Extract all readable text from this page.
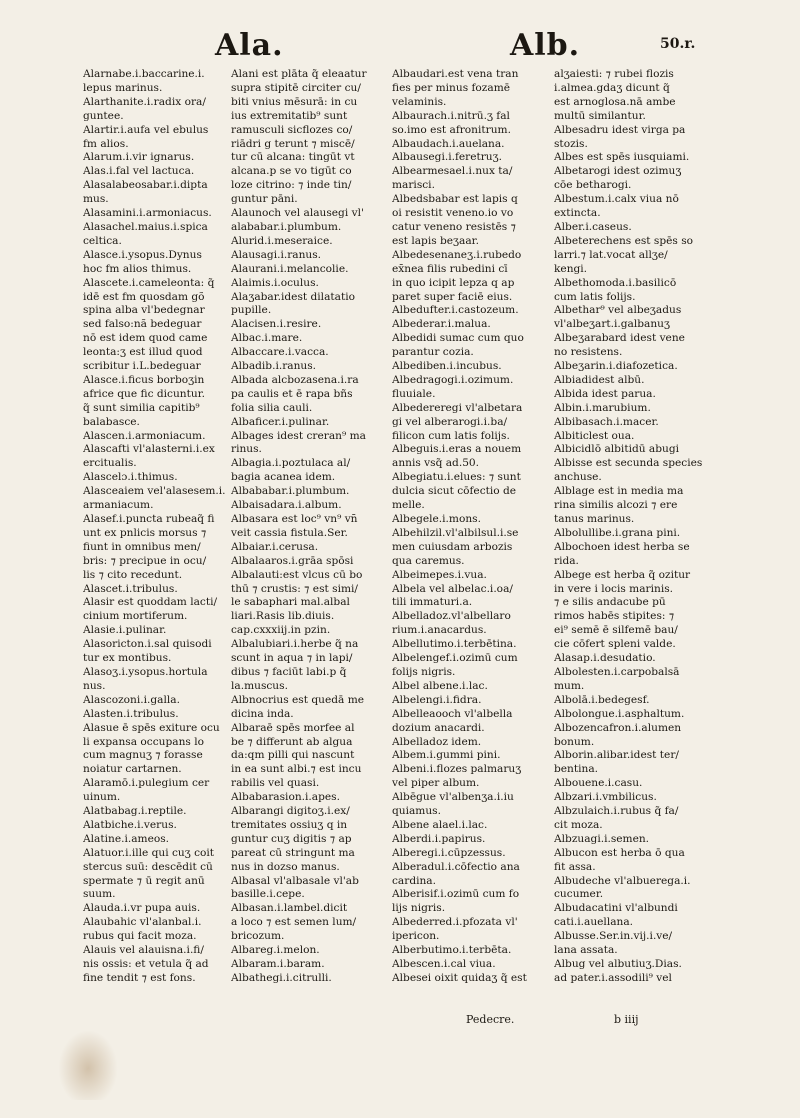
Ala.	Alb.	50.r.
Alarnabe.i.baccarine.i.
lepus marinus.
Alarthanite.i.radix ora/
guntee.
Alartir.i.aufa vel ebulus
fm alios.
Alarum.i.vir ignarus.
Alas.i.fal vel lactuca.
Alasalabeosabar.i.dipta
mus.
Alasamini.i.armoniacus.
Alasachel.maius.i.spica
celtica.
Alasce.i.ysopus.Dynus
hoc fm alios thimus.
Alascete.i.cameleonta: q̃
idē est fm quosdam gõ
spina alba vl'bedegnar
sed falso:nã bedeguar
nō est idem quod came
leonta:ʒ est illud quod
scribitur i.L.bedeguar
Alasce.i.ficus borboʒin
africe que fic dicuntur.
q̃ sunt similia capitib⁹
balabasce.
Alascen.i.armoniacum.
Alascafti vl'alasterni.i.ex
ercitualis.
Alascelɔ.i.thimus.
Alasceaiem vel'alasesem.i.
armaniacum.
Alasef.i.puncta rubeaq̃ fi
unt ex pnlicis morsus ⁊
fiunt in omnibus men/
bris: ⁊ precipue in ocu/
lis ⁊ cito recedunt.
Alascet.i.tribulus.
Alasir est quoddam lacti/
cinium mortiferum.
Alasie.i.pulinar.
Alasoricton.i.sal quisodi
tur ex montibus.
Alasoʒ.i.ysopus.hortula
nus.
Alascozoni.i.galla.
Alasten.i.tribulus.
Alasue ē spēs exiture ocu
li expansa occupans lo
cum magnuʒ ⁊ forasse
noiatur cartarnen.
Alaramō.i.pulegium cer
uinum.
Alatbabag.i.reptile.
Alatbiche.i.verus.
Alatine.i.ameos.
Alatuor.i.ille qui cuʒ coit
stercus suū: descēdit cū
spermate ⁊ ū regit anū
suum.
Alauda.i.vr pupa auis.
Alaubahic vl'alanbal.i.
rubus qui facit moza.
Alauis vel alauisna.i.fi/
nis ossis: et vetula q̃ ad
fine tendit ⁊ est fons.
Alani est plāta q̃ eleaatur
supra stipitē circiter cu/
biti vnius mēsurā: in cu
ius extremitatib⁹ sunt
ramusculi sicflozes co/
riādri g terunt ⁊ miscē/
tur cū alcana: tingūt vt
alcana.p se vo tigūt co
loze citrino: ⁊ inde tin/
guntur pāni.
Alaunoch vel alausegi vl'
alababar.i.plumbum.
Alurid.i.meseraice.
Alausagi.i.ranus.
Alaurani.i.melancolie.
Alaimis.i.oculus.
Alaʒabar.idest dilatatio
pupille.
Alacisen.i.resire.
Albac.i.mare.
Albaccare.i.vacca.
Albadib.i.ranus.
Albada alcbozasena.i.ra
pa caulis et ē rapa bñs
folia silia cauli.
Albaficer.i.pulinar.
Albages idest creran⁹ ma
rinus.
Albagia.i.poztulaca al/
bagia acanea idem.
Albababar.i.plumbum.
Albaisadara.i.album.
Albasara est loc⁹ vn⁹ vn̄
veit cassia fistula.Ser.
Albaiar.i.cerusa.
Albalaaros.i.grāa spōsi
Albalauti:est vlcus cū bo
thū ⁊ crustis: ⁊ est simi/
le sabaphari mal.albal
liari.Rasis lib.diuis.
cap.cxxxiij.in pzin.
Albalubiari.i.herbe q̃ na
scunt in aqua ⁊ in lapi/
dibus ⁊ faciūt labi.p q̃
la.muscus.
Albnocrius est quedā me
dicina inda.
Albaraē spēs morfee al
be ⁊ differunt ab algua
da:qm pilli qui nascunt
in ea sunt albi.⁊ est incu
rabilis vel quasi.
Albabarasion.i.apes.
Albarangi digitoʒ.i.ex/
tremitates ossiuʒ q in
guntur cuʒ digitis ⁊ ap
pareat cū stringunt ma
nus in dozso manus.
Albasal vl'albasale vl'ab
basille.i.cepe.
Albasan.i.lambel.dicit
a loco ⁊ est semen lum/
bricozum.
Albareg.i.melon.
Albaram.i.baram.
Albathegi.i.citrulli.
Albaudari.est vena tran
fies per minus fozamē
velaminis.
Albaurach.i.nitrū.ʒ fal
so.imo est afronitrum.
Albaudach.i.auelana.
Albausegi.i.feretruʒ.
Albearmesael.i.nux ta/
marisci.
Albedsbabar est lapis q
oi resistit veneno.io vo
catur veneno resistēs ⁊
est lapis beʒaar.
Albedesenaneʒ.i.rubedo
ex̄nea filis rubedini cī
in quo icipit lepza q ap
paret super faciē eius.
Albedufter.i.castozeum.
Albederar.i.malua.
Albedidi sumac cum quo
parantur cozia.
Albediben.i.incubus.
Albedragogi.i.ozimum.
fluuiale.
Albedereregi vl'albetara
gi vel alberarogi.i.ba/
filicon cum latis folijs.
Albeguis.i.eras a nouem
annis vsq̃ ad.50.
Albegiatu.i.elues: ⁊ sunt
dulcia sicut cōfectio de
melle.
Albegele.i.mons.
Albehilzil.vl'albilsul.i.se
men cuiusdam arbozis
qua caremus.
Albeimepes.i.vua.
Albela vel albelac.i.oa/
tili immaturi.a.
Albelladoz.vl'albellaro
rium.i.anacardus.
Albellutimo.i.terbētina.
Albelengef.i.ozimū cum
folijs nigris.
Albel albene.i.lac.
Albelengi.i.fidra.
Albelleaooch vl'albella
dozium anacardi.
Albelladoz idem.
Albem.i.gummi pini.
Albeni.i.flozes palmaruʒ
vel piper album.
Albēgue vl'albenʒa.i.iu
quiamus.
Albene alael.i.lac.
Alberdi.i.papirus.
Alberegi.i.cūpzessus.
Alberadul.i.cōfectio ana
cardina.
Alberisif.i.ozimū cum fo
lijs nigris.
Albederred.i.pfozata vl'
ipericon.
Alberbutimo.i.terbēta.
Albescen.i.cal viua.
Albesei oixit quidaʒ q̃ est
alʒaiesti: ⁊ rubei flozis
i.almea.gdaʒ dicunt q̃
est arnoglosa.nā ambe
multū similantur.
Albesadru idest virga pa
stozis.
Albes est spēs iusquiami.
Albetarogi idest ozimuʒ
cōe betharogi.
Albestum.i.calx viua nō
extincta.
Alber.i.caseus.
Albeterechens est spēs so
larri.⁊ lat.vocat allʒe/
kengi.
Albethomoda.i.basilicō
cum latis folijs.
Albethar⁹ vel albeʒadus
vl'albeʒart.i.galbanuʒ
Albeʒarabard idest vene
no resistens.
Albeʒarin.i.diafozetica.
Albiadidest albū.
Albida idest parua.
Albin.i.marubium.
Albibasach.i.macer.
Albiticlest oua.
Albicidlō albitidū abugi
Albisse est secunda species
anchuse.
Alblage est in media ma
rina similis alcozi ⁊ ere
tanus marinus.
Albolullibe.i.grana pini.
Albochoen idest herba se
rida.
Albege est herba q̃ ozitur
in vere i locis marinis.
⁊ e silis andacube pū
rimos habēs stipites: ⁊
ei⁹ semē ē silfemē bau/
cie cōfert spleni valde.
Alasap.i.desudatio.
Albolesten.i.carpobalsā
mum.
Albolā.i.bedegesf.
Albolongue.i.asphaltum.
Albozencafron.i.alumen
bonum.
Alborin.alibar.idest ter/
bentina.
Albouene.i.casu.
Albzari.i.vmbilicus.
Albzulaich.i.rubus q̃ fa/
cit moza.
Albzuagi.i.semen.
Albucon est herba ō qua
fit assa.
Albudeche vl'albuerega.i.
cucumer.
Albudacatini vl'albundi
cati.i.auellana.
Albusse.Ser.in.vij.i.ve/
lana assata.
Albug vel albutiuʒ.Dias.
ad pater.i.assodili⁹ vel
Pedecre.	b iiij
